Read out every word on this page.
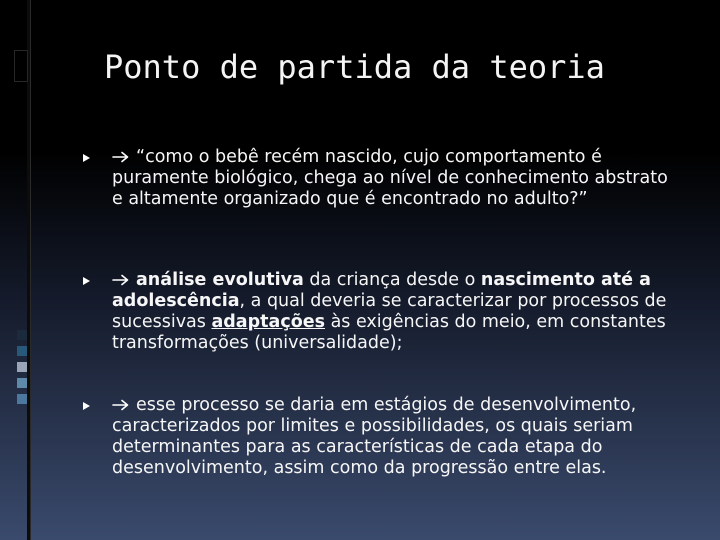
Ponto de partida da teoria
“como o bebê recém nascido, cujo comportamento é puramente biológico, chega ao nível de conhecimento abstrato e altamente organizado que é encontrado no adulto?”
análise evolutiva da criança desde o nascimento até a adolescência, a qual deveria se caracterizar por processos de sucessivas adaptações às exigências do meio, em constantes transformações (universalidade);
esse processo se daria em estágios de desenvolvimento, caracterizados por limites e possibilidades, os quais seriam determinantes para as características de cada etapa do desenvolvimento, assim como da progressão entre elas.
